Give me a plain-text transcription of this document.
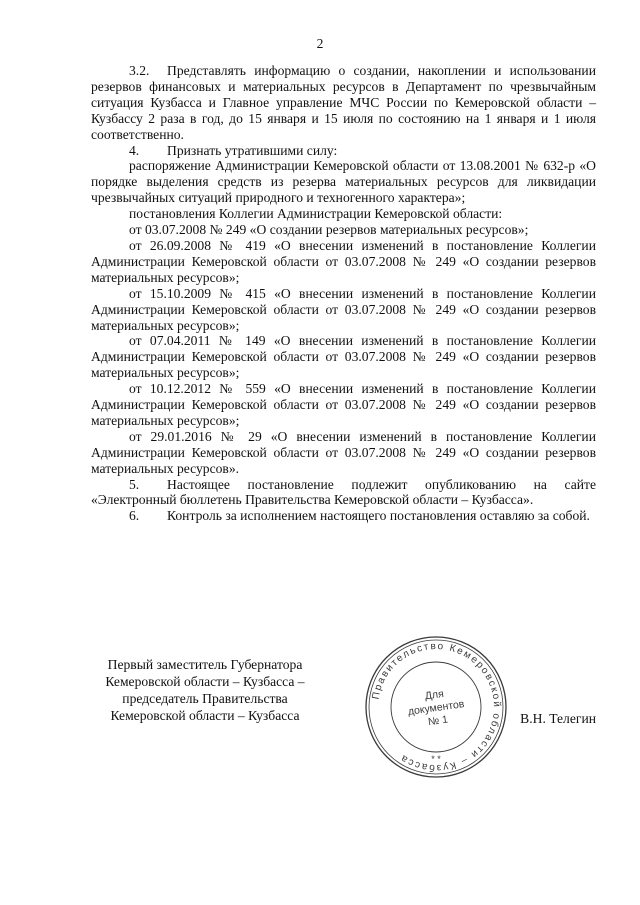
2

3.2. Представлять информацию о создании, накоплении и использовании резервов финансовых и материальных ресурсов в Департамент по чрезвычайным ситуация Кузбасса и Главное управление МЧС России по Кемеровской области – Кузбассу 2 раза в год, до 15 января и 15 июля по состоянию на 1 января и 1 июля соответственно.

4. Признать утратившими силу:

распоряжение Администрации Кемеровской области от 13.08.2001 № 632-р «О порядке выделения средств из резерва материальных ресурсов для ликвидации чрезвычайных ситуаций природного и техногенного характера»;

постановления Коллегии Администрации Кемеровской области:

от 03.07.2008 № 249 «О создании резервов материальных ресурсов»;

от 26.09.2008 № 419 «О внесении изменений в постановление Коллегии Администрации Кемеровской области от 03.07.2008 № 249 «О создании резервов материальных ресурсов»;

от 15.10.2009 № 415 «О внесении изменений в постановление Коллегии Администрации Кемеровской области от 03.07.2008 № 249 «О создании резервов материальных ресурсов»;

от 07.04.2011 № 149 «О внесении изменений в постановление Коллегии Администрации Кемеровской области от 03.07.2008 № 249 «О создании резервов материальных ресурсов»;

от 10.12.2012 № 559 «О внесении изменений в постановление Коллегии Администрации Кемеровской области от 03.07.2008 № 249 «О создании резервов материальных ресурсов»;

от 29.01.2016 № 29 «О внесении изменений в постановление Коллегии Администрации Кемеровской области от 03.07.2008 № 249 «О создании резервов материальных ресурсов».

5. Настоящее постановление подлежит опубликованию на сайте «Электронный бюллетень Правительства Кемеровской области – Кузбасса».

6. Контроль за исполнением настоящего постановления оставляю за собой.

Первый заместитель Губернатора
Кемеровской области – Кузбасса –
председатель Правительства
Кемеровской области – Кузбасса
Правительство Кемеровской области – Кузбасса
Для
документов
№ 1
* *
В.Н. Телегин
